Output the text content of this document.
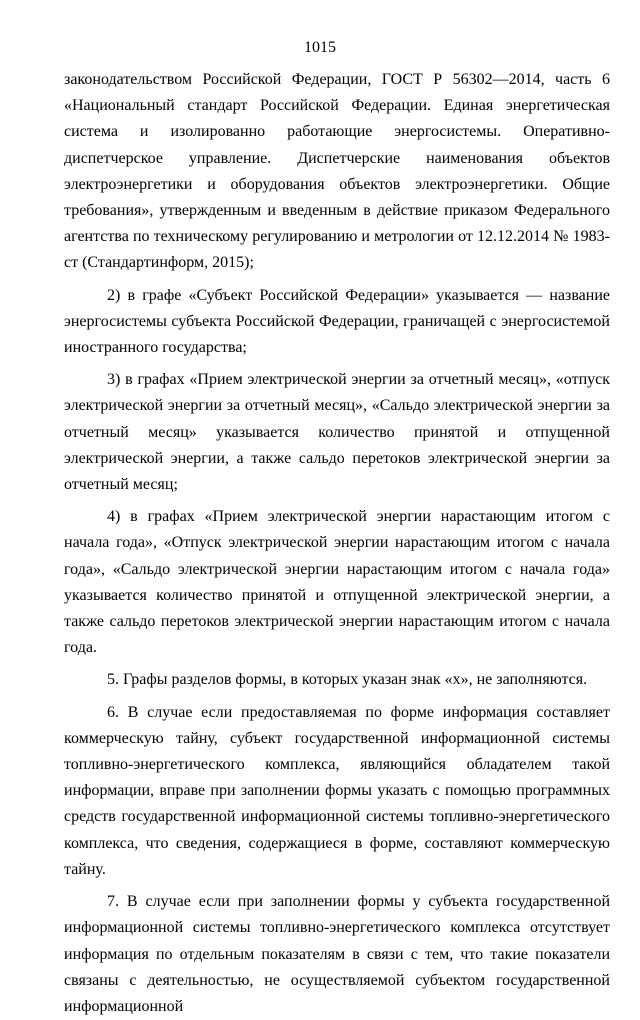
1015

законодательством Российской Федерации, ГОСТ Р 56302—2014, часть 6 «Национальный стандарт Российской Федерации. Единая энергетическая система и изолированно работающие энергосистемы. Оперативно-диспетчерское управление. Диспетчерские наименования объектов электроэнергетики и оборудования объектов электроэнергетики. Общие требования», утвержденным и введенным в действие приказом Федерального агентства по техническому регулированию и метрологии от 12.12.2014 № 1983-ст (Стандартинформ, 2015);

2) в графе «Субъект Российской Федерации» указывается — название энергосистемы субъекта Российской Федерации, граничащей с энергосистемой иностранного государства;

3) в графах «Прием электрической энергии за отчетный месяц», «отпуск электрической энергии за отчетный месяц», «Сальдо электрической энергии за отчетный месяц» указывается количество принятой и отпущенной электрической энергии, а также сальдо перетоков электрической энергии за отчетный месяц;

4) в графах «Прием электрической энергии нарастающим итогом с начала года», «Отпуск электрической энергии нарастающим итогом с начала года», «Сальдо электрической энергии нарастающим итогом с начала года» указывается количество принятой и отпущенной электрической энергии, а также сальдо перетоков электрической энергии нарастающим итогом с начала года.

5. Графы разделов формы, в которых указан знак «х», не заполняются.

6. В случае если предоставляемая по форме информация составляет коммерческую тайну, субъект государственной информационной системы топливно-энергетического комплекса, являющийся обладателем такой информации, вправе при заполнении формы указать с помощью программных средств государственной информационной системы топливно-энергетического комплекса, что сведения, содержащиеся в форме, составляют коммерческую тайну.

7. В случае если при заполнении формы у субъекта государственной информационной системы топливно-энергетического комплекса отсутствует информация по отдельным показателям в связи с тем, что такие показатели связаны с деятельностью, не осуществляемой субъектом государственной информационной
